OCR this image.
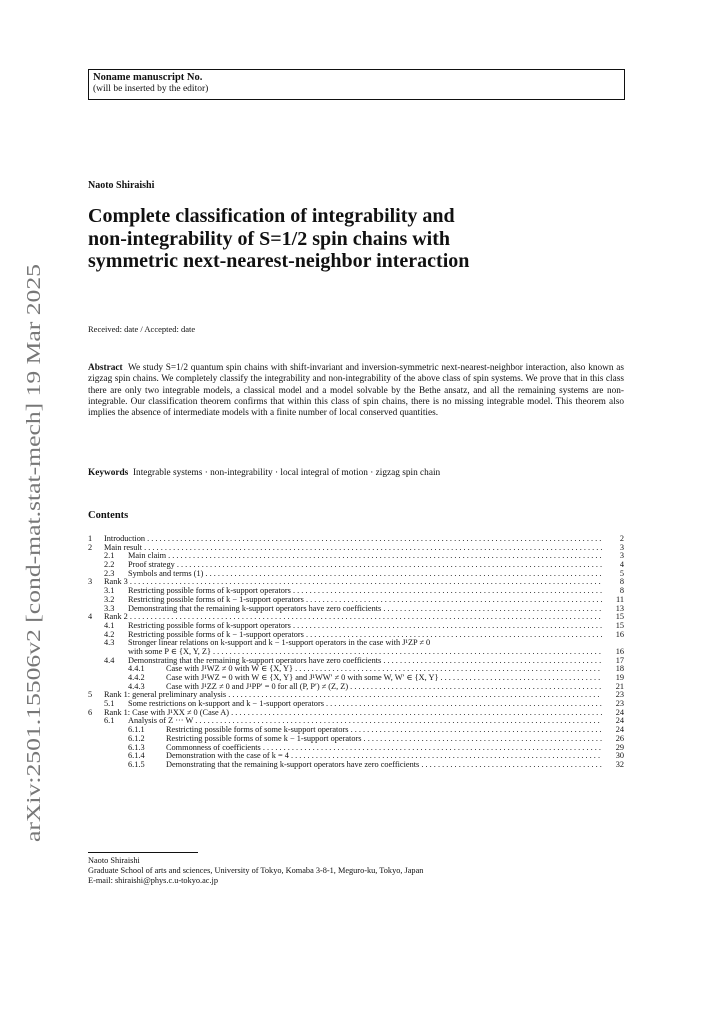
arXiv:2501.15506v2 [cond-mat.stat-mech] 19 Mar 2025
Noname manuscript No.
(will be inserted by the editor)
Naoto Shiraishi
Complete classification of integrability and
non-integrability of S=1/2 spin chains with
symmetric next-nearest-neighbor interaction
Received: date / Accepted: date
Abstract We study S=1/2 quantum spin chains with shift-invariant and inversion-symmetric next-nearest-neighbor interaction, also known as zigzag spin chains. We completely classify the integrability and non-integrability of the above class of spin systems. We prove that in this class there are only two integrable models, a classical model and a model solvable by the Bethe ansatz, and all the remaining systems are non-integrable. Our classification theorem confirms that within this class of spin chains, there is no missing integrable model. This theorem also implies the absence of intermediate models with a finite number of local conserved quantities.
Keywords Integrable systems · non-integrability · local integral of motion · zigzag spin chain
Contents
1 Introduction . . .	2
2 Main result . . .	3
2.1 Main claim . . .	3
2.2 Proof strategy . . .	4
2.3 Symbols and terms (1) . . .	5
3 Rank 3 . . .	8
3.1 Restricting possible forms of k-support operators . . .	8
3.2 Restricting possible forms of k − 1-support operators . . .	11
3.3 Demonstrating that the remaining k-support operators have zero coefficients . . .	13
4 Rank 2 . . .	15
4.1 Restricting possible forms of k-support operators . . .	15
4.2 Restricting possible forms of k − 1-support operators . . .	16
4.3 Stronger linear relations on k-support and k − 1-support operators in the case with J¹ZP ≠ 0
with some P ∈ {X, Y, Z} . . .	16
4.4 Demonstrating that the remaining k-support operators have zero coefficients . . .	17
4.4.1	Case with J¹WZ ≠ 0 with W ∈ {X, Y} . . .	18
4.4.2	Case with J¹WZ = 0 with W ∈ {X, Y} and J¹WW′ ≠ 0 with some W, W′ ∈ {X, Y} . . .	19
4.4.3	Case with J¹ZZ ≠ 0 and J¹PP′ = 0 for all (P, P′) ≠ (Z, Z) . . .	21
5 Rank 1: general preliminary analysis . . .	23
5.1 Some restrictions on k-support and k − 1-support operators . . .	23
6 Rank 1: Case with J¹XX ≠ 0 (Case A) . . .	24
6.1 Analysis of Z ··· W . . .	24
6.1.1	Restricting possible forms of some k-support operators . . .	24
6.1.2	Restricting possible forms of some k − 1-support operators . . .	26
6.1.3	Commonness of coefficients . . .	29
6.1.4	Demonstration with the case of k = 4 . . .	30
6.1.5	Demonstrating that the remaining k-support operators have zero coefficients . . .	32
Naoto Shiraishi
Graduate School of arts and sciences, University of Tokyo, Komaba 3-8-1, Meguro-ku, Tokyo, Japan
E-mail: shiraishi@phys.c.u-tokyo.ac.jp
